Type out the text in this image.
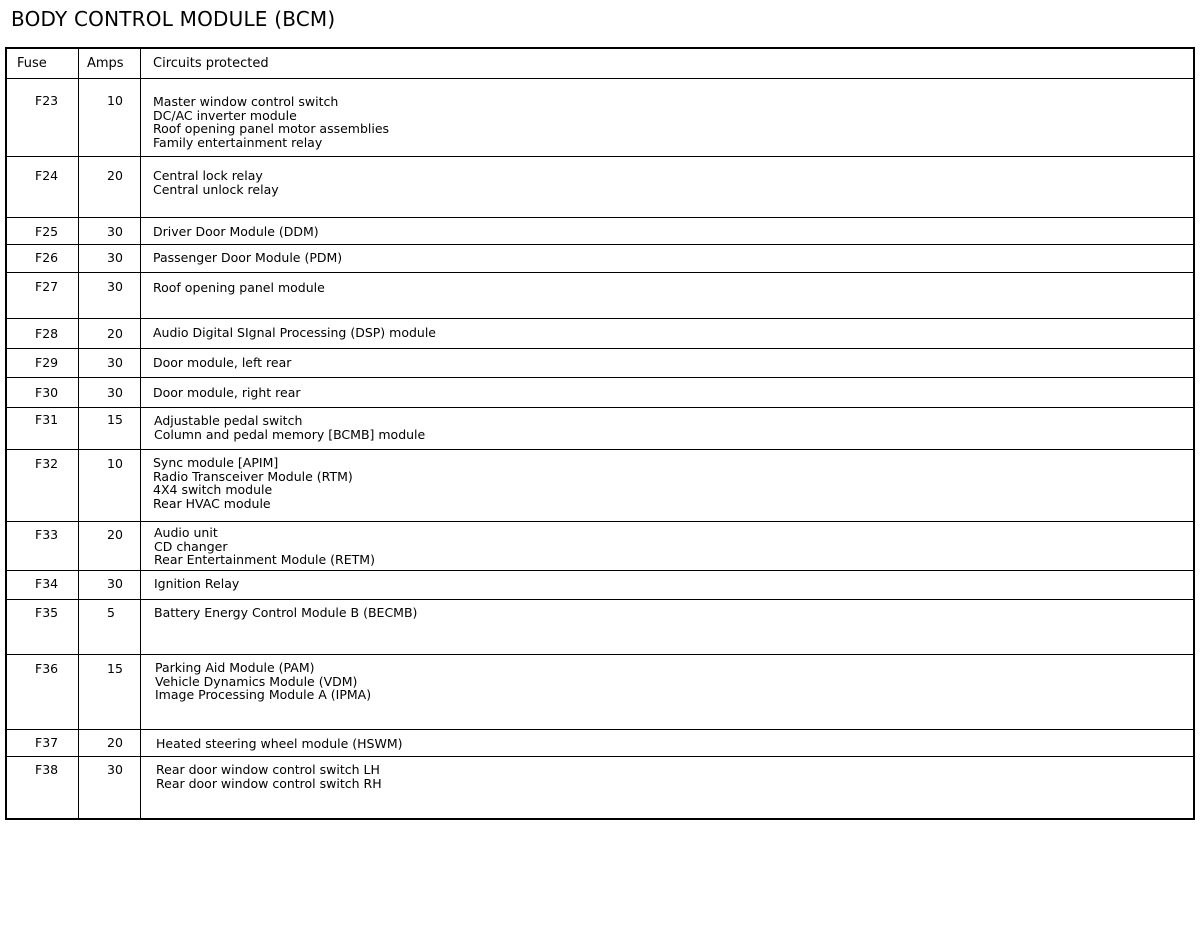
BODY CONTROL MODULE (BCM)
Fuse	Amps Circuits protected
F23	10 Master window control switch
DC/AC inverter module
Roof opening panel motor assemblies
Family entertainment relay
F24	20 Central lock relay
Central unlock relay
F25	30 Driver Door Module (DDM)
F26	30 Passenger Door Module (PDM)
F27	30 Roof opening panel module
F28	20 Audio Digital SIgnal Processing (DSP) module
F29	30 Door module, left rear
F30	30 Door module, right rear
F31	15 Adjustable pedal switch
Column and pedal memory [BCMB] module
F32	10 Sync module [APIM]
Radio Transceiver Module (RTM)
4X4 switch module
Rear HVAC module
F33	20 Audio unit
CD changer
Rear Entertainment Module (RETM)
F34	30 Ignition Relay
F35	5	Battery Energy Control Module B (BECMB)
F36	15	Parking Aid Module (PAM)
Vehicle Dynamics Module (VDM)
Image Processing Module A (IPMA)
F37	20	Heated steering wheel module (HSWM)
F38	30	Rear door window control switch LH
Rear door window control switch RH
